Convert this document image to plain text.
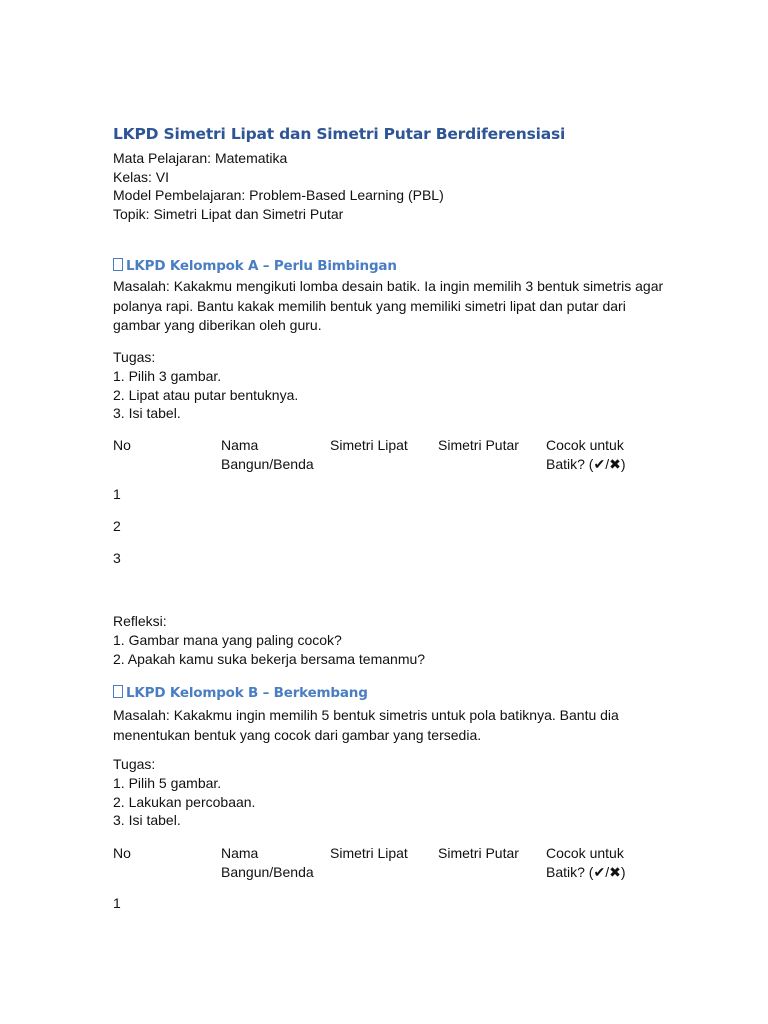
LKPD Simetri Lipat dan Simetri Putar Berdiferensiasi
Mata Pelajaran: Matematika
Kelas: VI
Model Pembelajaran: Problem-Based Learning (PBL)
Topik: Simetri Lipat dan Simetri Putar
LKPD Kelompok A – Perlu Bimbingan
Masalah: Kakakmu mengikuti lomba desain batik. Ia ingin memilih 3 bentuk simetris agar polanya rapi. Bantu kakak memilih bentuk yang memiliki simetri lipat dan putar dari gambar yang diberikan oleh guru.
Tugas:
1. Pilih 3 gambar.
2. Lipat atau putar bentuknya.
3. Isi tabel.
No	Nama Bangun/Benda
Simetri Lipat Simetri Putar Cocok untuk Batik? (✔/✖)
1
2
3
Refleksi:
1. Gambar mana yang paling cocok?
2. Apakah kamu suka bekerja bersama temanmu?
LKPD Kelompok B – Berkembang
Masalah: Kakakmu ingin memilih 5 bentuk simetris untuk pola batiknya. Bantu dia menentukan bentuk yang cocok dari gambar yang tersedia.
Tugas:
1. Pilih 5 gambar.
2. Lakukan percobaan.
3. Isi tabel.
No	Nama Bangun/Benda
Simetri Lipat Simetri Putar Cocok untuk Batik? (✔/✖)
1
